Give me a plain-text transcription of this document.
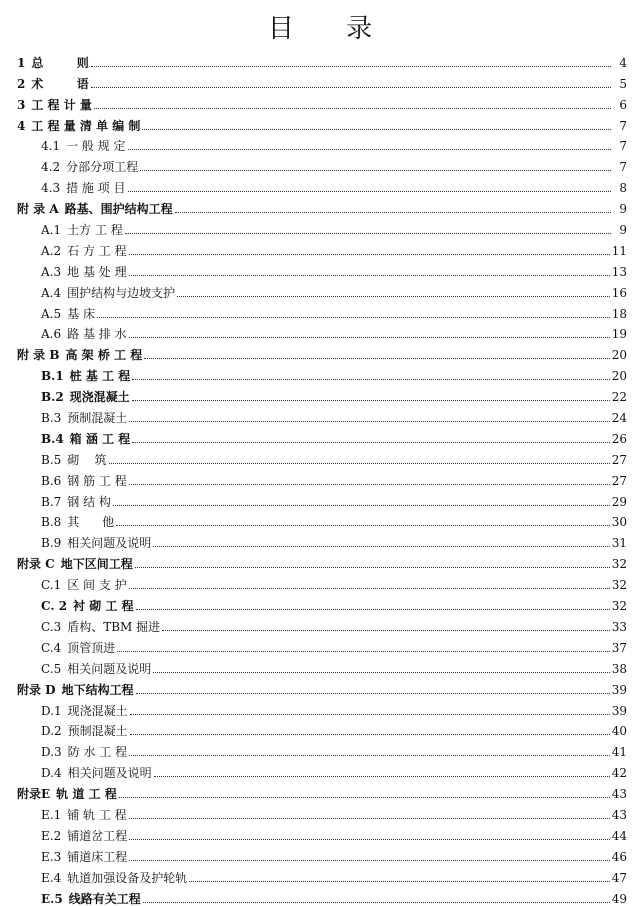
目 录
1 总        则	4
2 术        语	5
3 工 程 计 量	6
4 工 程 量 清 单 编 制	7
4.1 一 般 规 定	7
4.2 分部分项工程	7
4.3 措 施 项 目	8
附 录 A 路基、围护结构工程	9
A.1 土方 工 程	9
A.2 石 方 工 程	11
A.3 地 基 处 理	13
A.4 围护结构与边坡支护	16
A.5 基 床	18
A.6 路 基 排 水	19
附 录 B 高 架 桥 工 程	20
B.1 桩 基 工 程	20
B.2 现浇混凝土	22
B.3 预制混凝土	24
B.4 箱 涵 工 程	26
B.5 砌    筑	27
B.6 钢 筋 工 程	27
B.7 钢 结 构	29
B.8 其      他	30
B.9 相关问题及说明	31
附录 C 地下区间工程	32
C.1 区 间 支 护	32
C. 2 衬 砌 工 程	32
C.3 盾构、TBM 掘进	33
C.4 顶管顶进	37
C.5 相关问题及说明	38
附录 D 地下结构工程	39
D.1 现浇混凝土	39
D.2 预制混凝土	40
D.3 防 水 工 程	41
D.4 相关问题及说明	42
附录E 轨 道 工 程	43
E.1 铺 轨 工 程	43
E.2 铺道岔工程	44
E.3 铺道床工程	46
E.4 轨道加强设备及护轮轨	47
E.5 线路有关工程	49
